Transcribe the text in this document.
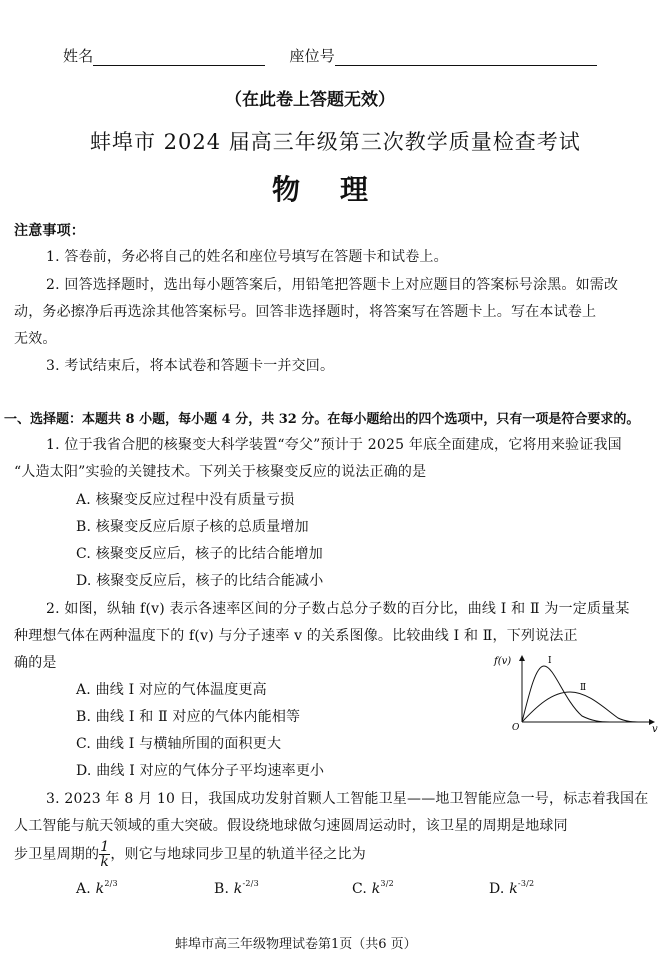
姓名	座位号
（在此卷上答题无效）
蚌埠市 2024 届高三年级第三次教学质量检查考试
物理
注意事项：
1. 答卷前，务必将自己的姓名和座位号填写在答题卡和试卷上。
2. 回答选择题时，选出每小题答案后，用铅笔把答题卡上对应题目的答案标号涂黑。如需改
动，务必擦净后再选涂其他答案标号。回答非选择题时，将答案写在答题卡上。写在本试卷上
无效。
3. 考试结束后，将本试卷和答题卡一并交回。
一、选择题：本题共 8 小题，每小题 4 分，共 32 分。在每小题给出的四个选项中，只有一项是符合要求的。
1. 位于我省合肥的核聚变大科学装置“夸父”预计于 2025 年底全面建成，它将用来验证我国
“人造太阳”实验的关键技术。下列关于核聚变反应的说法正确的是
A. 核聚变反应过程中没有质量亏损
B. 核聚变反应后原子核的总质量增加
C. 核聚变反应后，核子的比结合能增加
D. 核聚变反应后，核子的比结合能减小
2. 如图，纵轴 f(v) 表示各速率区间的分子数占总分子数的百分比，曲线 Ⅰ 和 Ⅱ 为一定质量某
种理想气体在两种温度下的 f(v) 与分子速率 v 的关系图像。比较曲线 Ⅰ 和 Ⅱ，下列说法正
确的是
A. 曲线 Ⅰ 对应的气体温度更高
B. 曲线 Ⅰ 和 Ⅱ 对应的气体内能相等
C. 曲线 Ⅰ 与横轴所围的面积更大
D. 曲线 Ⅰ 对应的气体分子平均速率更小
f(v)
v
O
Ⅰ
Ⅱ
3. 2023 年 8 月 10 日，我国成功发射首颗人工智能卫星——地卫智能应急一号，标志着我国在
人工智能与航天领域的重大突破。假设绕地球做匀速圆周运动时，该卫星的周期是地球同
步卫星周期的 $\frac{1}{k}$ ，则它与地球同步卫星的轨道半径之比为
A. $k^{2/3}$	B. $k^{-2/3}$	C. $k^{3/2}$	D. $k^{-3/2}$
蚌埠市高三年级物理试卷第1页（共6 页）
